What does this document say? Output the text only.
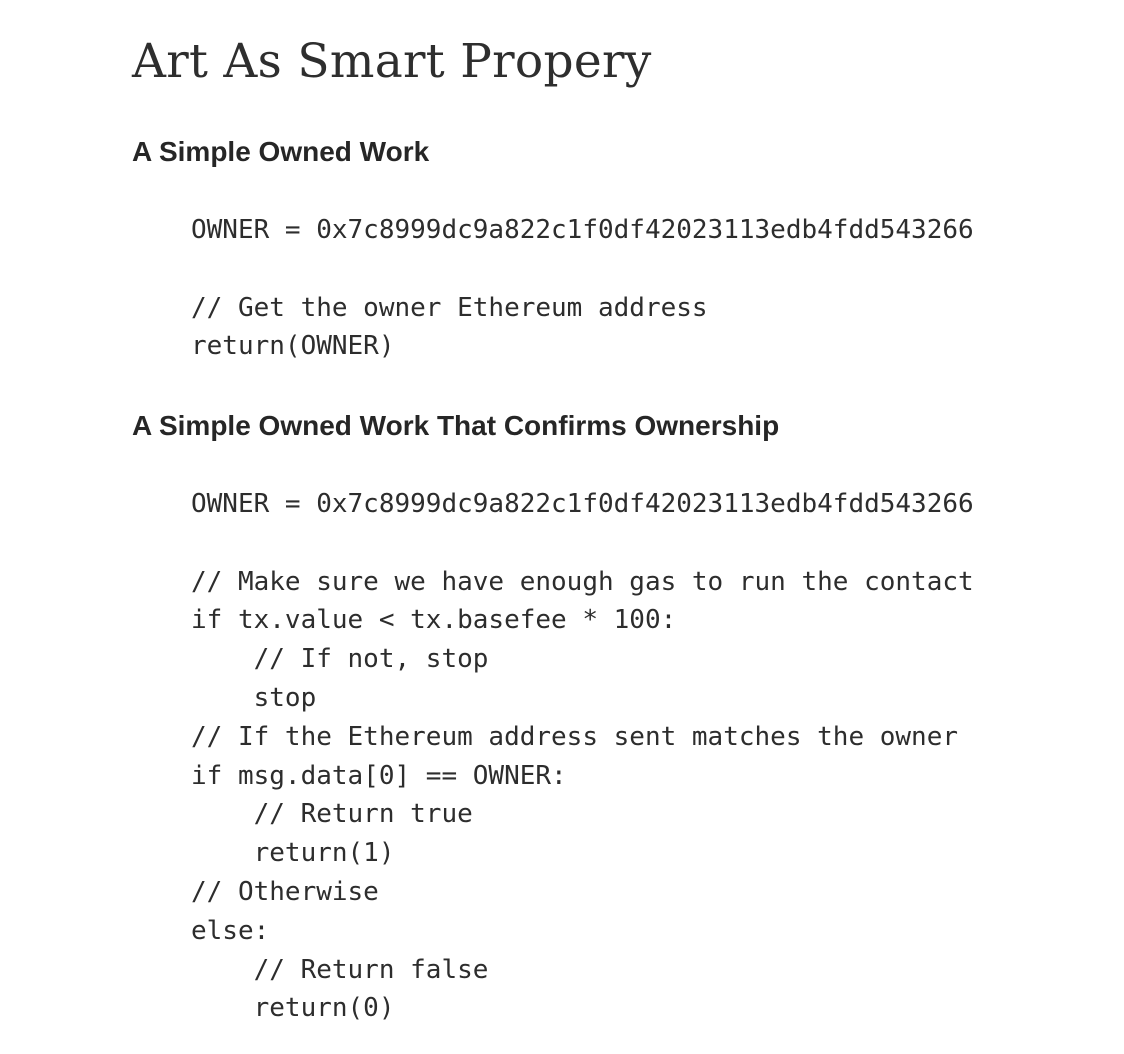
Art As Smart Propery
A Simple Owned Work
OWNER = 0x7c8999dc9a822c1f0df42023113edb4fdd543266
// Get the owner Ethereum address
return(OWNER)
A Simple Owned Work That Confirms Ownership
OWNER = 0x7c8999dc9a822c1f0df42023113edb4fdd543266
// Make sure we have enough gas to run the contact
if tx.value < tx.basefee * 100:
// If not, stop
stop
// If the Ethereum address sent matches the owner
if msg.data[0] == OWNER:
// Return true
return(1)
// Otherwise
else:
// Return false
return(0)
